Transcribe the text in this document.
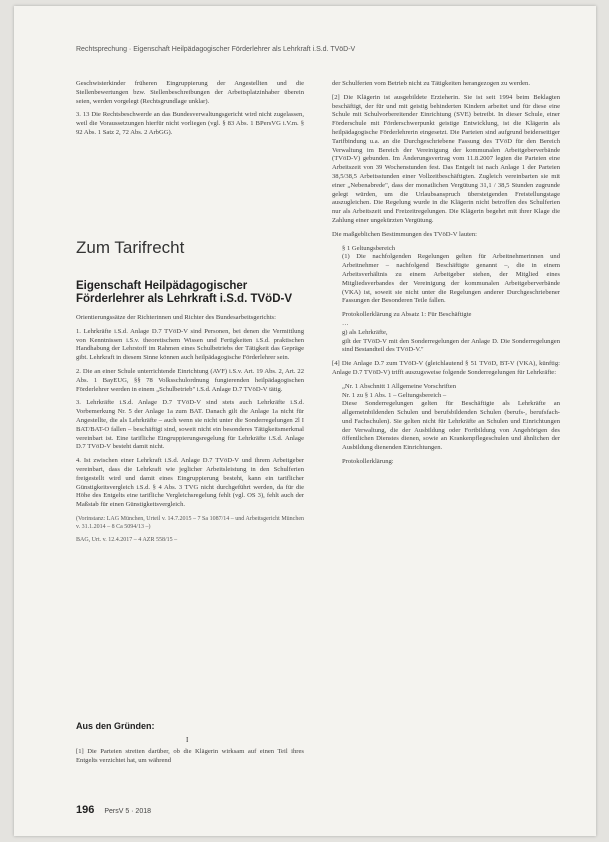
Rechtsprechung · Eigenschaft Heilpädagogischer Förderlehrer als Lehrkraft i.S.d. TVöD-V

Geschwisterkinder früheren Eingruppierung der Angestellten und die Stellenbewertungen bzw. Stellenbeschreibungen der Arbeitsplatzinhaber überein seien, werden vorgelegt (Rechtsgrundlage unklar).

3. 13 Die Rechtsbeschwerde an das Bundesverwaltungsgericht wird nicht zugelassen, weil die Voraussetzungen hierfür nicht vorliegen (vgl. § 83 Abs. 1 BPersVG i.V.m. § 92 Abs. 1 Satz 2, 72 Abs. 2 ArbGG).

Zum Tarifrecht
Eigenschaft Heilpädagogischer Förderlehrer als Lehrkraft i.S.d. TVöD-V

Orientierungssätze der Richterinnen und Richter des Bundesarbeitsgerichts:

1. Lehrkräfte i.S.d. Anlage D.7 TVöD-V sind Personen, bei denen die Vermittlung von Kenntnissen i.S.v. theoretischem Wissen und Fertigkeiten i.S.d. praktischen Handhabung der Lehrstoff im Rahmen eines Schulbetriebs der Tätigkeit das Gepräge gibt. Lehrkraft in diesem Sinne können auch heilpädagogische Förderlehrer sein.

2. Die an einer Schule unterrichtende Einrichtung (AVF) i.S.v. Art. 19 Abs. 2, Art. 22 Abs. 1 BayEUG, §§ 78 Volksschulordnung fungierenden heilpädagogischen Förderlehrer werden in einem „Schulbetrieb" i.S.d. Anlage D.7 TVöD-V tätig.

3. Lehrkräfte i.S.d. Anlage D.7 TVöD-V sind stets auch Lehrkräfte i.S.d. Vorbemerkung Nr. 5 der Anlage 1a zum BAT. Danach gilt die Anlage 1a nicht für Angestellte, die als Lehrkräfte – auch wenn sie nicht unter die Sonderregelungen 2l I BAT/BAT-O fallen – beschäftigt sind, soweit nicht ein besonderes Tätigkeitsmerkmal vereinbart ist. Eine tarifliche Eingruppierungsregelung für Lehrkräfte i.S.d. Anlage D.7 TVöD-V besteht damit nicht.

4. Ist zwischen einer Lehrkraft i.S.d. Anlage D.7 TVöD-V und ihrem Arbeitgeber vereinbart, dass die Lehrkraft wie jeglicher Arbeitsleistung in den Schulferien freigestellt wird und damit eines Eingruppierung besteht, kann ein tariflicher Günstigkeitsvergleich i.S.d. § 4 Abs. 3 TVG nicht durchgeführt werden, da für die Höhe des Entgelts eine tarifliche Vergleichsregelung fehlt (vgl. OS 3), fehlt auch der Maßstab für einen Günstigkeitsvergleich.

(Vorinstanz: LAG München, Urteil v. 14.7.2015 – 7 Sa 1087/14 – und Arbeitsgericht München v. 31.1.2014 – 8 Ca 5094/13 –)

BAG, Urt. v. 12.4.2017 – 4 AZR 558/15 –

Aus den Gründen:
I
[1] Die Parteien streiten darüber, ob die Klägerin wirksam auf einen Teil ihres Entgelts verzichtet hat, um während

der Schulferien vom Betrieb nicht zu Tätigkeiten herangezogen zu werden.

[2] Die Klägerin ist ausgebildete Erzieherin. Sie ist seit 1994 beim Beklagten beschäftigt, der für und mit geistig behinderten Kindern arbeitet und für diese eine Schule mit Schulvorbereitender Einrichtung (SVE) betreibt. In dieser Schule, einer Förderschule mit Förderschwerpunkt geistige Entwicklung, ist die Klägerin als heilpädagogische Förderlehrerin eingesetzt. Die Parteien sind aufgrund beiderseitiger Tarifbindung u.a. an die Durchgeschriebene Fassung des TVöD für den Bereich Verwaltung im Bereich der Vereinigung der kommunalen Arbeitgeberverbände (TVöD-V) gebunden. Im Änderungsvertrag vom 11.8.2007 legten die Parteien eine Arbeitszeit von 39 Wochenstunden fest. Das Entgelt ist nach Anlage 1 der Parteien 38,5/38,5 Arbeitsstunden einer Vollzeitbeschäftigten. Zugleich vereinbarten sie mit einer „Nebenabrede", dass der monatlichen Vergütung 31,1 / 38,5 Stunden zugrunde gelegt würden, um die Urlaubsanspruch übersteigenden Freistellungstage auszugleichen. Die Regelung wurde in die Klägerin nicht betroffen des Schulferien nur als Arbeitszeit und Freizeitregelungen. Die Klägerin begehrt mit ihrer Klage die Zahlung einer ungekürzten Vergütung.

Die maßgeblichen Bestimmungen des TVöD-V lauten:

§ 1 Geltungsbereich

(1) Die nachfolgenden Regelungen gelten für Arbeitnehmerinnen und Arbeitnehmer – nachfolgend Beschäftigte genannt –, die in einem Arbeitsverhältnis zu einem Arbeitgeber stehen, der Mitglied eines Mitgliedsverbandes der Vereinigung der kommunalen Arbeitgeberverbände (VKA) ist, soweit sie nicht unter die Regelungen anderer Durchgeschriebener Fassungen der Besonderen Teile fallen.

Protokollerklärung zu Absatz 1: Für Beschäftigte

…

g) als Lehrkräfte,

gilt der TVöD-V mit den Sonderregelungen der Anlage D. Die Sonderregelungen sind Bestandteil des TVöD-V."

[4] Die Anlage D.7 zum TVöD-V (gleichlautend § 51 TVöD, BT-V (VKA), künftig: Anlage D.7 TVöD-V) trifft auszugsweise folgende Sonderregelungen für Lehrkräfte:

„Nr. 1 Abschnitt 1 Allgemeine Vorschriften

Nr. 1 zu § 1 Abs. 1 – Geltungsbereich –

Diese Sonderregelungen gelten für Beschäftigte als Lehrkräfte an allgemeinbildenden Schulen und berufsbildenden Schulen (berufs-, berufsfach- und Fachschulen). Sie gelten nicht für Lehrkräfte an Schulen und Einrichtungen der Verwaltung, die der Ausbildung oder Fortbildung von Angehörigen des öffentlichen Dienstes dienen, sowie an Krankenpflegeschulen und ähnlichen der Ausbildung dienenden Einrichtungen.

Protokollerklärung:

196 PersV 5 · 2018
